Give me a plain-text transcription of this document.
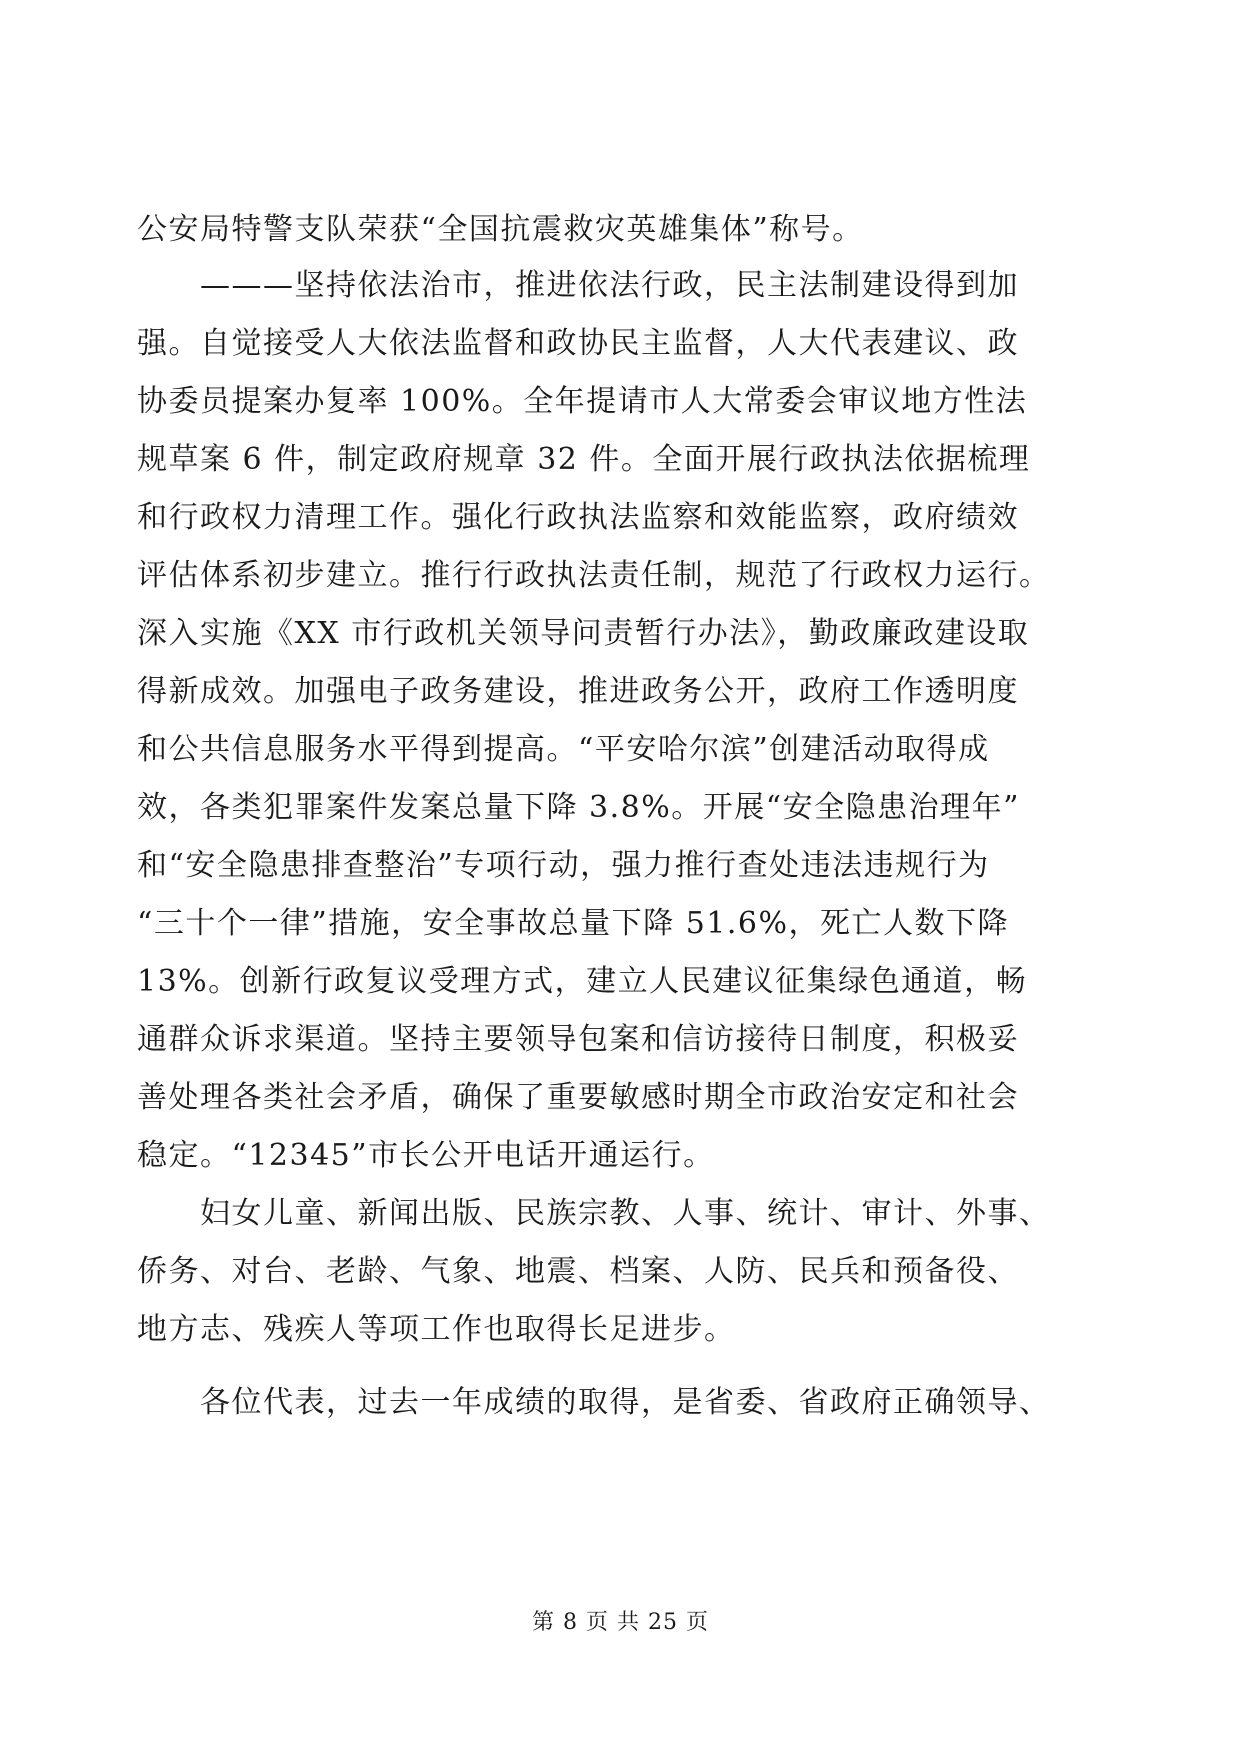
公安局特警支队荣获“全国抗震救灾英雄集体”称号。
———坚持依法治市，推进依法行政，民主法制建设得到加
强。自觉接受人大依法监督和政协民主监督，人大代表建议、政
协委员提案办复率 100%。全年提请市人大常委会审议地方性法
规草案 6 件，制定政府规章 32 件。全面开展行政执法依据梳理
和行政权力清理工作。强化行政执法监察和效能监察，政府绩效
评估体系初步建立。推行行政执法责任制，规范了行政权力运行。
深入实施《XX 市行政机关领导问责暂行办法》，勤政廉政建设取
得新成效。加强电子政务建设，推进政务公开，政府工作透明度
和公共信息服务水平得到提高。“平安哈尔滨”创建活动取得成
效，各类犯罪案件发案总量下降 3.8%。开展“安全隐患治理年”
和“安全隐患排查整治”专项行动，强力推行查处违法违规行为
“三十个一律”措施，安全事故总量下降 51.6%，死亡人数下降
13%。创新行政复议受理方式，建立人民建议征集绿色通道，畅
通群众诉求渠道。坚持主要领导包案和信访接待日制度，积极妥
善处理各类社会矛盾，确保了重要敏感时期全市政治安定和社会
稳定。“12345”市长公开电话开通运行。
妇女儿童、新闻出版、民族宗教、人事、统计、审计、外事、
侨务、对台、老龄、气象、地震、档案、人防、民兵和预备役、
地方志、残疾人等项工作也取得长足进步。
各位代表，过去一年成绩的取得，是省委、省政府正确领导、
第 8 页 共 25 页
